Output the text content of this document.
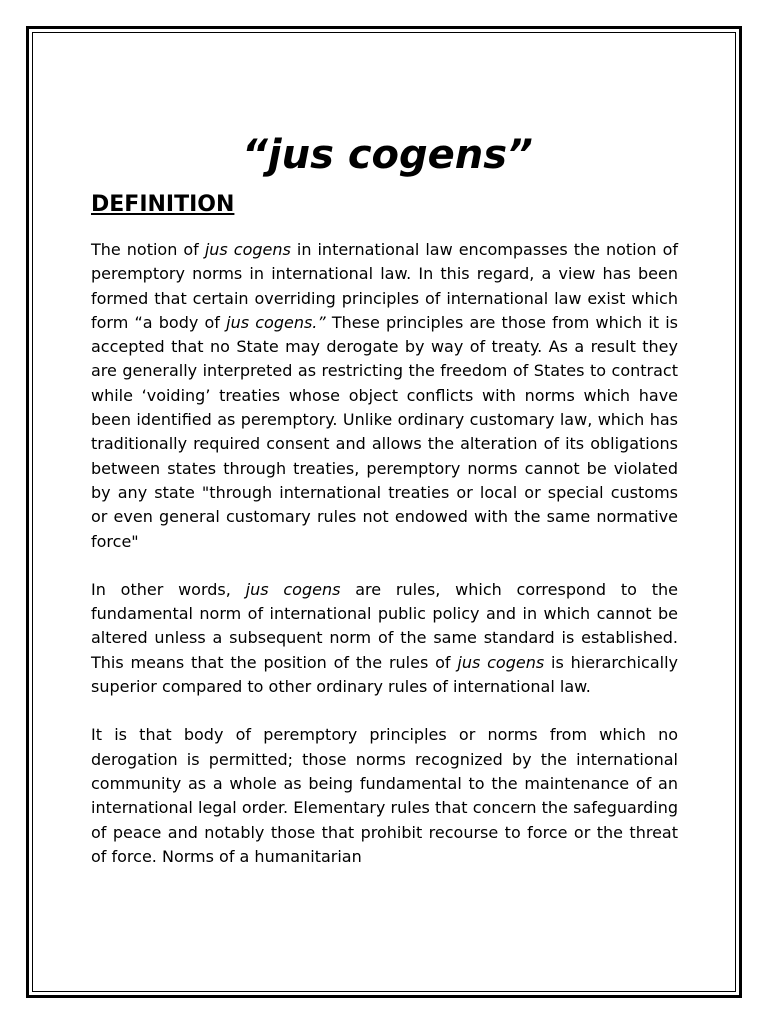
“jus cogens”
DEFINITION

The notion of jus cogens in international law encompasses the notion of peremptory norms in international law. In this regard, a view has been formed that certain overriding principles of international law exist which form “a body of jus cogens.” These principles are those from which it is accepted that no State may derogate by way of treaty. As a result they are generally interpreted as restricting the freedom of States to contract while ‘voiding’ treaties whose object conflicts with norms which have been identified as peremptory. Unlike ordinary customary law, which has traditionally required consent and allows the alteration of its obligations between states through treaties, peremptory norms cannot be violated by any state "through international treaties or local or special customs or even general customary rules not endowed with the same normative force"

In other words, jus cogens are rules, which correspond to the fundamental norm of international public policy and in which cannot be altered unless a subsequent norm of the same standard is established. This means that the position of the rules of jus cogens is hierarchically superior compared to other ordinary rules of international law.

It is that body of peremptory principles or norms from which no derogation is permitted; those norms recognized by the international community as a whole as being fundamental to the maintenance of an international legal order. Elementary rules that concern the safeguarding of peace and notably those that prohibit recourse to force or the threat of force. Norms of a humanitarian
